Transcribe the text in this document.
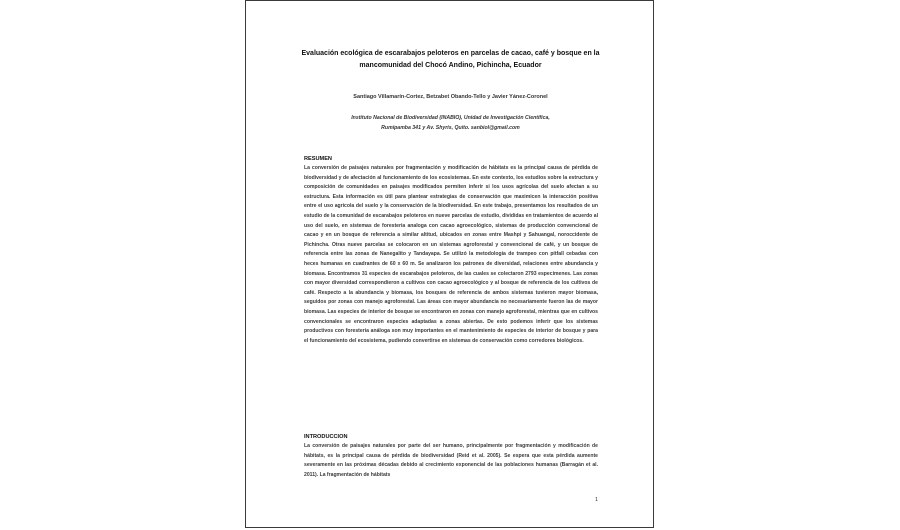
Evaluación ecológica de escarabajos peloteros en parcelas de cacao, café y bosque en la mancomunidad del Chocó Andino, Pichincha, Ecuador
Santiago Villamarín-Cortez, Betzabet Obando-Tello y Javier Yánez-Coronel
Instituto Nacional de Biodiversidad (INABIO), Unidad de Investigación Científica,
Rumipamba 341 y Av. Shyris, Quito. sanbiol@gmail.com
RESUMEN

La conversión de paisajes naturales por fragmentación y modificación de hábitats es la principal causa de pérdida de biodiversidad y de afectación al funcionamiento de los ecosistemas. En este contexto, los estudios sobre la estructura y composición de comunidades en paisajes modificados permiten inferir si los usos agrícolas del suelo afectan a su estructura. Esta información es útil para plantear estrategias de conservación que maximicen la interacción positiva entre el uso agrícola del suelo y la conservación de la biodiversidad. En este trabajo, presentamos los resultados de un estudio de la comunidad de escarabajos peloteros en nueve parcelas de estudio, divididas en tratamientos de acuerdo al uso del suelo, en sistemas de foresteria analoga con cacao agroecológico, sistemas de producción convencional de cacao y en un bosque de referencia a similar altitud, ubicados en zonas entre Mashpi y Sahuangal, noroccidente de Pichincha. Otras nueve parcelas se colocaron en un sistemas agroforestal y convencional de café, y un bosque de referencia entre las zonas de Nanegalito y Tandayapa. Se utilizó la metodología de trampeo con pitfall cebadas con heces humanas en cuadrantes de 60 x 60 m. Se analizaron los patrones de diversidad, relaciones entre abundancia y biomasa. Encontramos 31 especies de escarabajos peloteros, de las cuales se colectaron 2793 especimenes. Las zonas con mayor diversidad correspondieron a cultivos con cacao agroecológico y al bosque de referencia de los cultivos de café. Respecto a la abundancia y biomasa, los bosques de referencia de ambos sistemas tuvieron mayor biomasa, seguidos por zonas con manejo agroforestal. Las áreas con mayor abundancia no necesariamente fueron las de mayor biomasa. Las especies de interior de bosque se encontraron en zonas con manejo agroforestal, mientras que en cultivos convencionales se encontraron especies adaptadas a zonas abiertas. De esto podemos inferir que los sistemas productivos con foresteria análoga son muy importantes en el mantenimiento de especies de interior de bosque y para el funcionamiento del ecosistema, pudiendo convertirse en sistemas de conservación como corredores biológicos.

INTRODUCCION

La conversión de paisajes naturales por parte del ser humano, principalmente por fragmentación y modificación de hábitats, es la principal causa de pérdida de biodiversidad (Reid et al. 2005). Se espera que esta pérdida aumente severamente en las próximas décadas debido al crecimiento exponencial de las poblaciones humanas (Barragán et al. 2011). La fragmentación de hábitats

1
